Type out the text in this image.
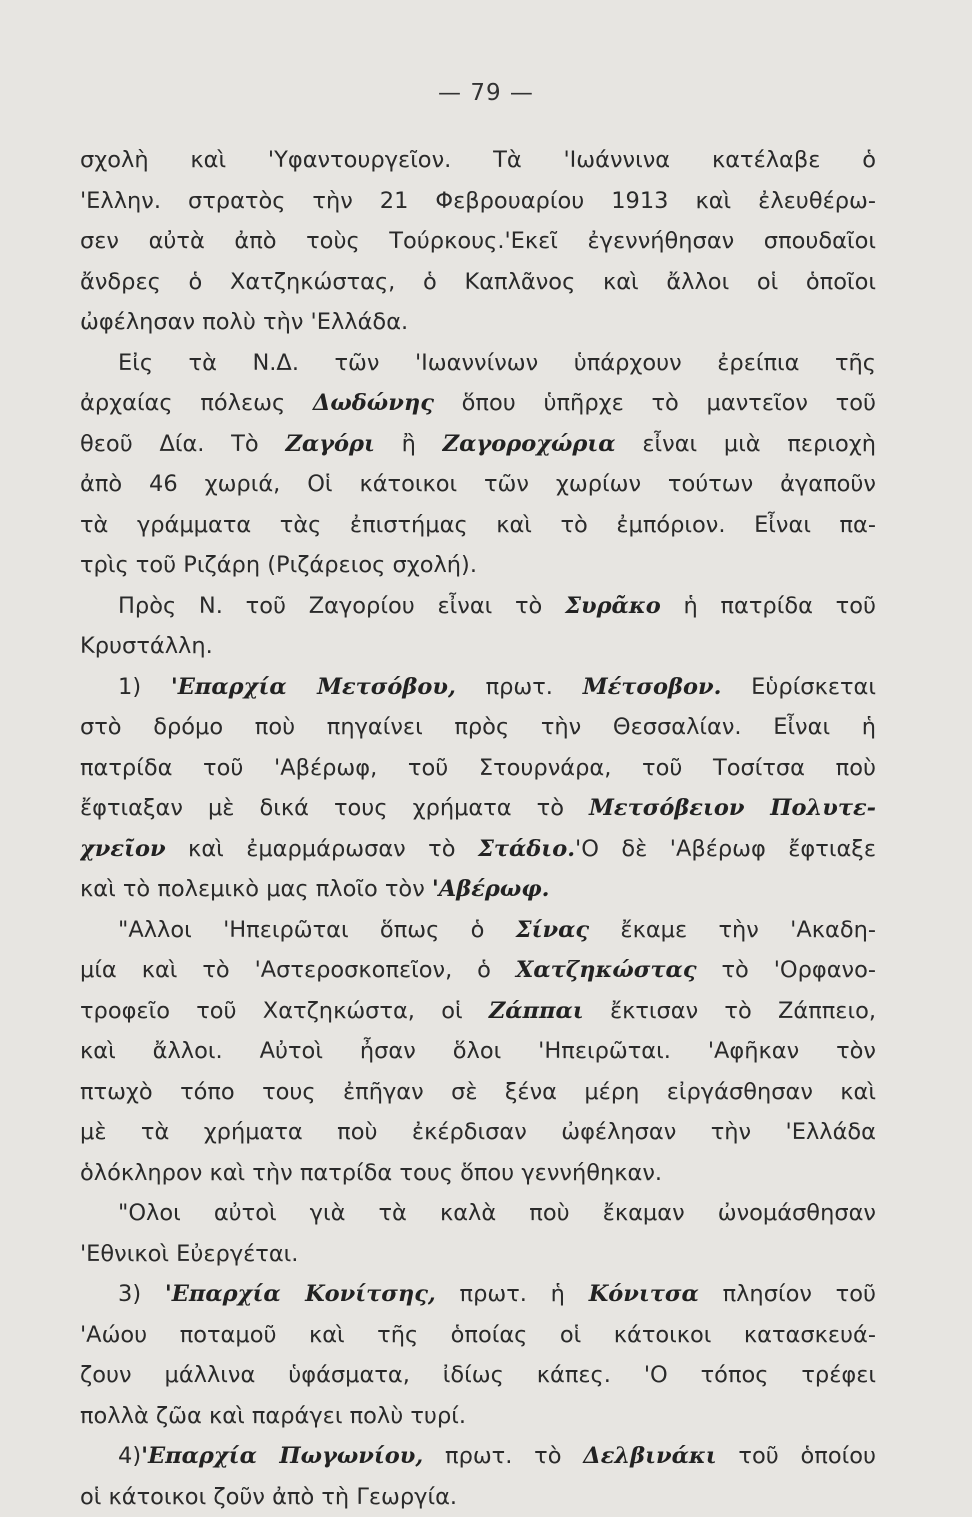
— 79 —
σχολὴ καὶ 'Υφαντουργεῖον. Τὰ 'Ιωάννινα κατέλαβε ὁ
'Ελλην. στρατὸς τὴν 21 Φεβρουαρίου 1913 καὶ ἐλευθέρω-
σεν αὐτὰ ἀπὸ τοὺς Τούρκους.'Εκεῖ ἐγεννήθησαν σπουδαῖοι
ἄνδρες ὁ Χατζηκώστας, ὁ Καπλᾶνος καὶ ἄλλοι οἱ ὁποῖοι
ὠφέλησαν πολὺ τὴν 'Ελλάδα.
Εἰς τὰ Ν.Δ. τῶν 'Ιωαννίνων ὑπάρχουν ἐρείπια τῆς
ἀρχαίας πόλεως Δωδώνης ὅπου ὑπῆρχε τὸ μαντεῖον τοῦ
θεοῦ Δία. Τὸ Ζαγόρι ἢ Ζαγοροχώρια εἶναι μιὰ περιοχὴ
ἀπὸ 46 χωριά, Οἱ κάτοικοι τῶν χωρίων τούτων ἀγαποῦν
τὰ γράμματα τὰς ἐπιστήμας καὶ τὸ ἐμπόριον. Εἶναι πα-
τρὶς τοῦ Ριζάρη (Ριζάρειος σχολή).
Πρὸς Ν. τοῦ Ζαγορίου εἶναι τὸ Συρᾶκο ἡ πατρίδα τοῦ
Κρυστάλλη.
1) 'Επαρχία Μετσόβου, πρωτ. Μέτσοβον. Εὑρίσκεται
στὸ δρόμο ποὺ πηγαίνει πρὸς τὴν Θεσσαλίαν. Εἶναι ἡ
πατρίδα τοῦ 'Αβέρωφ, τοῦ Στουρνάρα, τοῦ Τοσίτσα ποὺ
ἔφτιαξαν μὲ δικά τους χρήματα τὸ Μετσόβειον Πολυτε-
χνεῖον καὶ ἐμαρμάρωσαν τὸ Στάδιο.'Ο δὲ 'Αβέρωφ ἔφτιαξε
καὶ τὸ πολεμικὸ μας πλοῖο τὸν 'Αβέρωφ.
"Αλλοι 'Ηπειρῶται ὅπως ὁ Σίνας ἔκαμε τὴν 'Ακαδη-
μία καὶ τὸ 'Αστεροσκοπεῖον, ὁ Χατζηκώστας τὸ 'Ορφανο-
τροφεῖο τοῦ Χατζηκώστα, οἱ Ζάππαι ἔκτισαν τὸ Ζάππειο,
καὶ ἄλλοι. Αὐτοὶ ἦσαν ὅλοι 'Ηπειρῶται. 'Αφῆκαν τὸν
πτωχὸ τόπο τους ἐπῆγαν σὲ ξένα μέρη εἰργάσθησαν καὶ
μὲ τὰ χρήματα ποὺ ἐκέρδισαν ὠφέλησαν τὴν 'Ελλάδα
ὁλόκληρον καὶ τὴν πατρίδα τους ὅπου γεννήθηκαν.
"Ολοι αὐτοὶ γιὰ τὰ καλὰ ποὺ ἔκαμαν ὠνομάσθησαν
'Εθνικοὶ Εὐεργέται.
3) 'Επαρχία Κονίτσης, πρωτ. ἡ Κόνιτσα πλησίον τοῦ
'Αώου ποταμοῦ καὶ τῆς ὁποίας οἱ κάτοικοι κατασκευά-
ζουν μάλλινα ὑφάσματα, ἰδίως κάπες. 'Ο τόπος τρέφει
πολλὰ ζῶα καὶ παράγει πολὺ τυρί.
4)'Επαρχία Πωγωνίου, πρωτ. τὸ Δελβινάκι τοῦ ὁποίου
οἱ κάτοικοι ζοῦν ἀπὸ τὴ Γεωργία.
